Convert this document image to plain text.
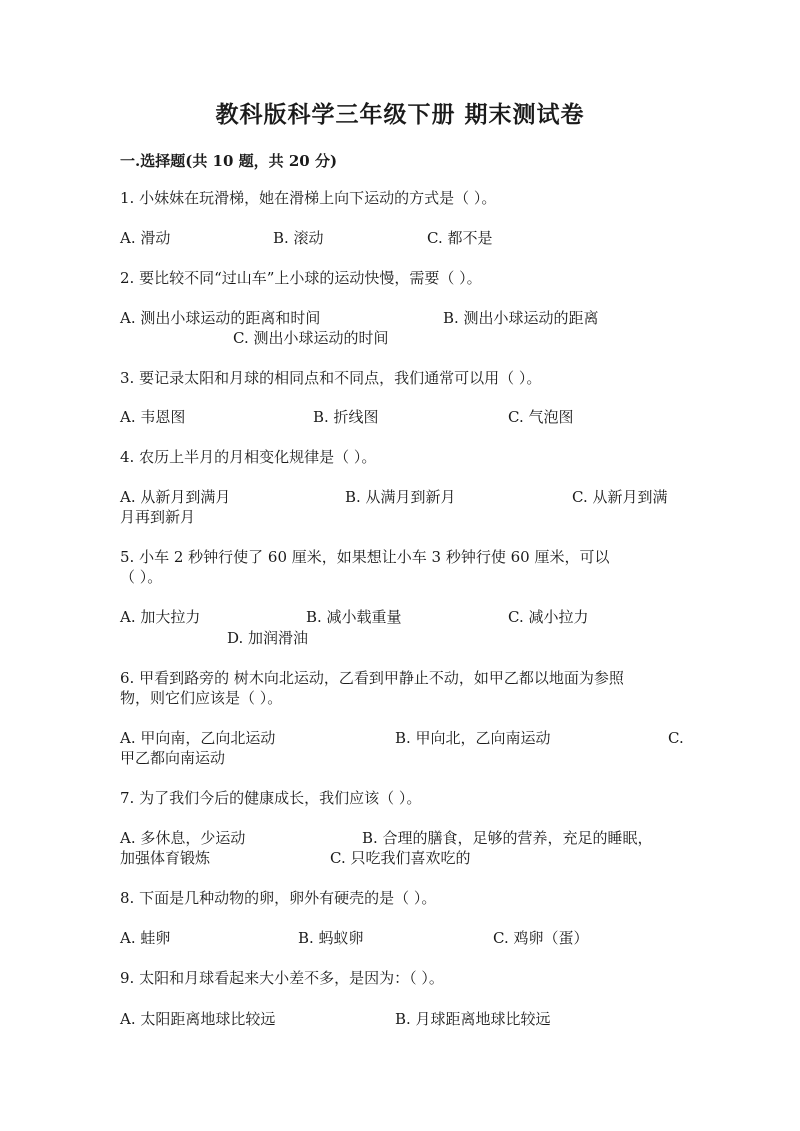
教科版科学三年级下册 期末测试卷
一.选择题(共 10 题，共 20 分)
1. 小妹妹在玩滑梯，她在滑梯上向下运动的方式是（ ）。
A. 滑动	B. 滚动	C. 都不是
2. 要比较不同“过山车”上小球的运动快慢，需要（ ）。
A. 测出小球运动的距离和时间	B. 测出小球运动的距离
C. 测出小球运动的时间
3. 要记录太阳和月球的相同点和不同点，我们通常可以用（ ）。
A. 韦恩图	B. 折线图	C. 气泡图
4. 农历上半月的月相变化规律是（ ）。
A. 从新月到满月	B. 从满月到新月	C. 从新月到满
月再到新月
5. 小车 2 秒钟行使了 60 厘米，如果想让小车 3 秒钟行使 60 厘米，可以
（ ）。
A. 加大拉力	B. 减小载重量	C. 减小拉力
D. 加润滑油
6. 甲看到路旁的 树木向北运动，乙看到甲静止不动，如甲乙都以地面为参照
物，则它们应该是（ ）。
A. 甲向南，乙向北运动	B. 甲向北，乙向南运动	C.
甲乙都向南运动
7. 为了我们今后的健康成长，我们应该（ ）。
A. 多休息，少运动	B. 合理的膳食，足够的营养，充足的睡眠，
加强体育锻炼	C. 只吃我们喜欢吃的
8. 下面是几种动物的卵，卵外有硬壳的是（ ）。
A. 蛙卵	B. 蚂蚁卵	C. 鸡卵（蛋）
9. 太阳和月球看起来大小差不多，是因为：（ ）。
A. 太阳距离地球比较远	B. 月球距离地球比较远
